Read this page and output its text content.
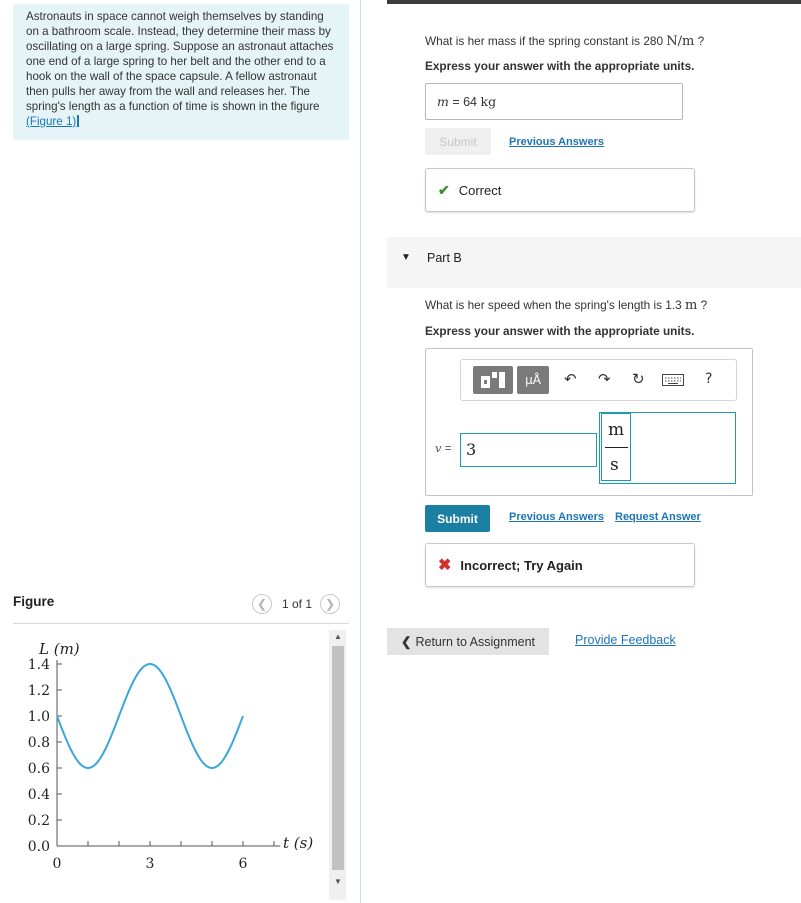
Astronauts in space cannot weigh themselves by standing on a bathroom scale. Instead, they determine their mass by oscillating on a large spring. Suppose an astronaut attaches one end of a large spring to her belt and the other end to a hook on the wall of the space capsule. A fellow astronaut then pulls her away from the wall and releases her. The spring's length as a function of time is shown in the figure (Figure 1)
Figure	❮	1 of 1	❯
L (m)
0.0
0.2
0.4
0.6
0.8
1.0
1.2
1.4
0	3	6
t (s)
▲
▼
What is her mass if the spring constant is 280 N/m ?
Express your answer with the appropriate units.
m = 64 kg
Submit	Previous Answers
✔ Correct
▼ Part B
What is her speed when the spring's length is 1.3 m ?
Express your answer with the appropriate units.
μÅ	↶ ↷ ↻	?
v = 3
m
s
Submit	Previous Answers Request Answer
✖ Incorrect; Try Again
❮ Return to Assignment	Provide Feedback
